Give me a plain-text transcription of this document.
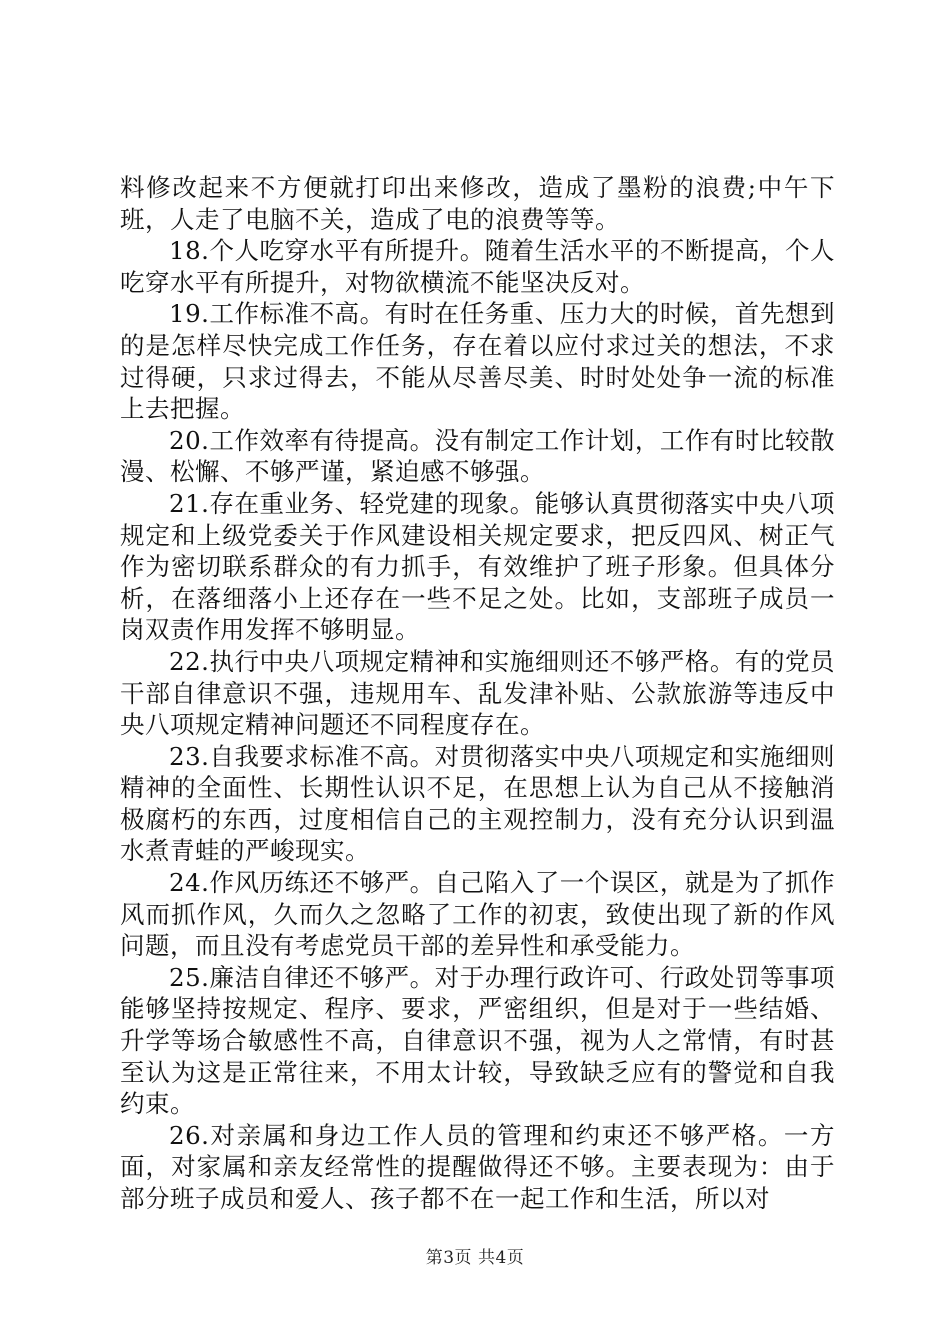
料修改起来不方便就打印出来修改，造成了墨粉的浪费;中午下班，人走了电脑不关，造成了电的浪费等等。

18.个人吃穿水平有所提升。随着生活水平的不断提高，个人吃穿水平有所提升，对物欲横流不能坚决反对。

19.工作标准不高。有时在任务重、压力大的时候，首先想到的是怎样尽快完成工作任务，存在着以应付求过关的想法，不求过得硬，只求过得去，不能从尽善尽美、时时处处争一流的标准上去把握。

20.工作效率有待提高。没有制定工作计划，工作有时比较散漫、松懈、不够严谨，紧迫感不够强。

21.存在重业务、轻党建的现象。能够认真贯彻落实中央八项规定和上级党委关于作风建设相关规定要求，把反四风、树正气作为密切联系群众的有力抓手，有效维护了班子形象。但具体分析，在落细落小上还存在一些不足之处。比如，支部班子成员一岗双责作用发挥不够明显。

22.执行中央八项规定精神和实施细则还不够严格。有的党员干部自律意识不强，违规用车、乱发津补贴、公款旅游等违反中央八项规定精神问题还不同程度存在。

23.自我要求标准不高。对贯彻落实中央八项规定和实施细则精神的全面性、长期性认识不足，在思想上认为自己从不接触消极腐朽的东西，过度相信自己的主观控制力，没有充分认识到温水煮青蛙的严峻现实。

24.作风历练还不够严。自己陷入了一个误区，就是为了抓作风而抓作风，久而久之忽略了工作的初衷，致使出现了新的作风问题，而且没有考虑党员干部的差异性和承受能力。

25.廉洁自律还不够严。对于办理行政许可、行政处罚等事项能够坚持按规定、程序、要求，严密组织，但是对于一些结婚、升学等场合敏感性不高，自律意识不强，视为人之常情，有时甚至认为这是正常往来，不用太计较，导致缺乏应有的警觉和自我约束。

26.对亲属和身边工作人员的管理和约束还不够严格。一方面，对家属和亲友经常性的提醒做得还不够。主要表现为：由于部分班子成员和爱人、孩子都不在一起工作和生活，所以对

第3页 共4页
